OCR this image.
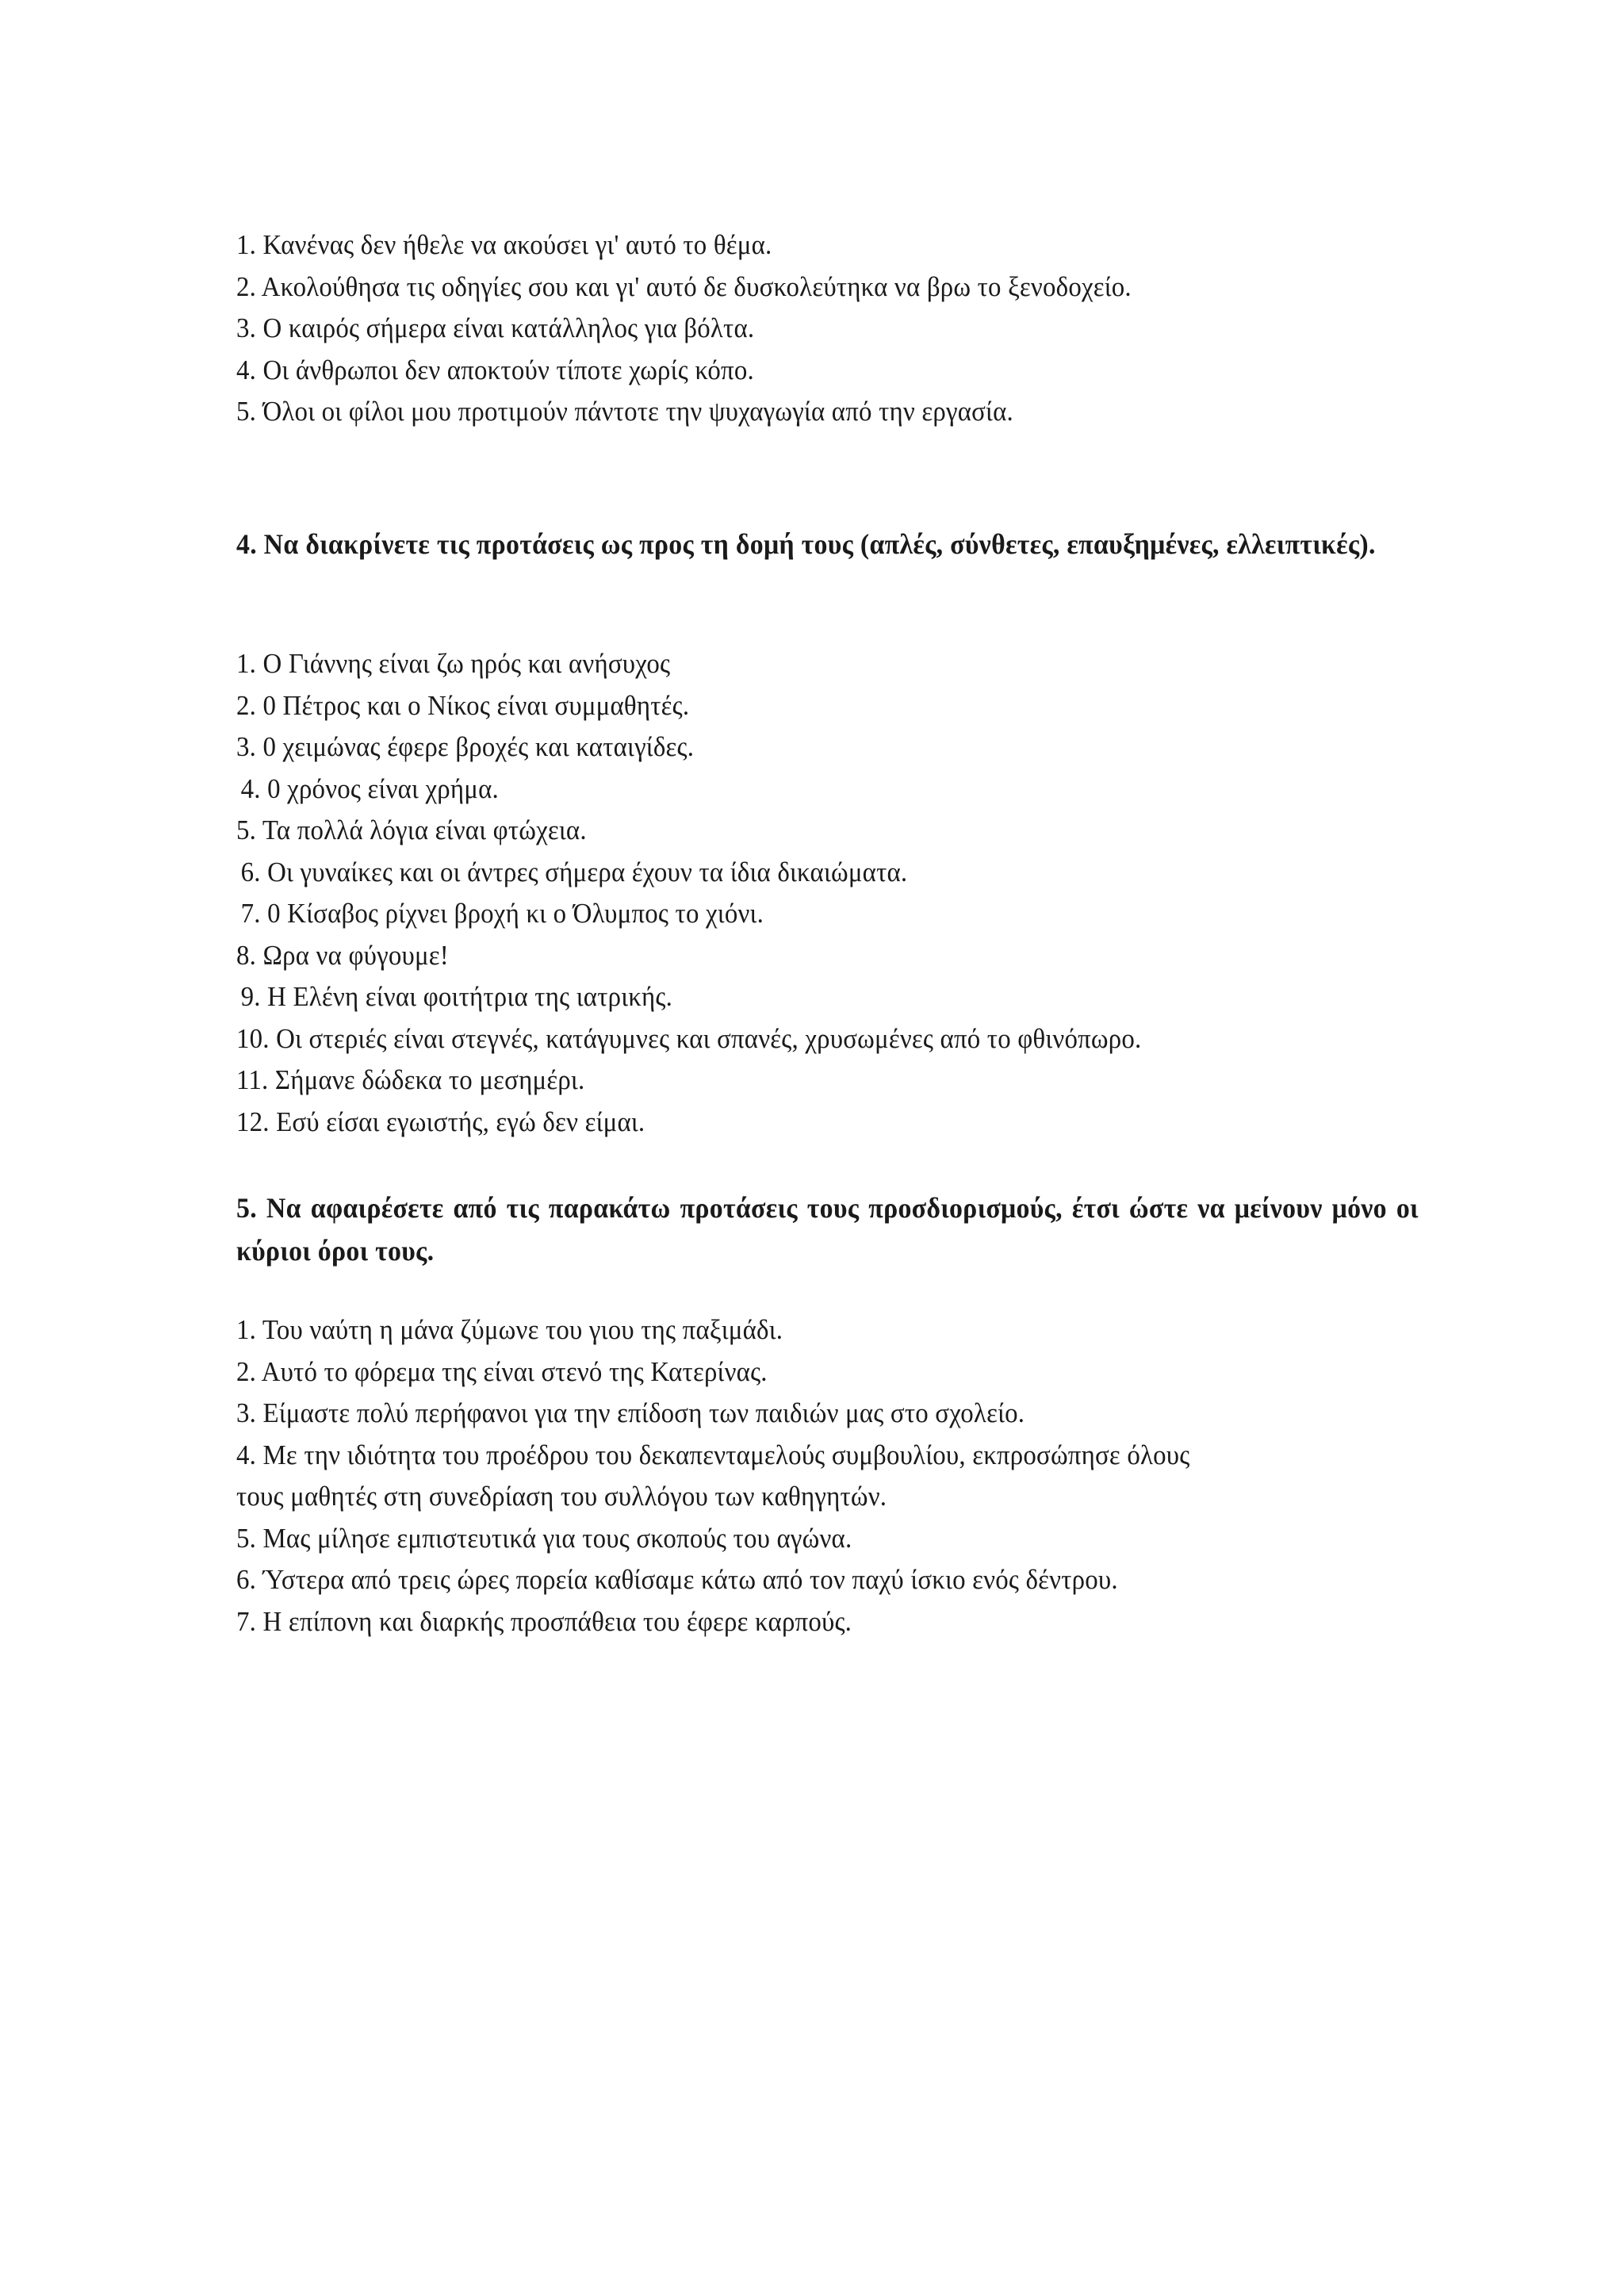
1. Κανένας δεν ήθελε να ακούσει γι' αυτό το θέμα.
2. Ακολούθησα τις οδηγίες σου και γι' αυτό δε δυσκολεύτηκα να βρω το ξενοδοχείο.
3. Ο καιρός σήμερα είναι κατάλληλος για βόλτα.
4. Οι άνθρωποι δεν αποκτούν τίποτε χωρίς κόπο.
5. Όλοι οι φίλοι μου προτιμούν πάντοτε την ψυχαγωγία από την εργασία.
4. Να διακρίνετε τις προτάσεις ως προς τη δομή τους (απλές, σύνθετες, επαυξημένες, ελλειπτικές).
1. Ο Γιάννης είναι ζω ηρός και ανήσυχος
2. 0 Πέτρος και ο Νίκος είναι συμμαθητές.
3. 0 χειμώνας έφερε βροχές και καταιγίδες.
4. 0 χρόνος είναι χρήμα.
5. Τα πολλά λόγια είναι φτώχεια.
6. Οι γυναίκες και οι άντρες σήμερα έχουν τα ίδια δικαιώματα.
7. 0 Κίσαβος ρίχνει βροχή κι ο Όλυμπος το χιόνι.
8. Ωρα να φύγουμε!
9. Η Ελένη είναι φοιτήτρια της ιατρικής.
10. Οι στεριές είναι στεγνές, κατάγυμνες και σπανές, χρυσωμένες από το φθινόπωρο.
11. Σήμανε δώδεκα το μεσημέρι.
12. Εσύ είσαι εγωιστής, εγώ δεν είμαι.
5. Να αφαιρέσετε από τις παρακάτω προτάσεις τους προσδιορισμούς, έτσι ώστε να μείνουν μόνο οι κύριοι όροι τους.
1. Του ναύτη η μάνα ζύμωνε του γιου της παξιμάδι.
2. Αυτό το φόρεμα της είναι στενό της Κατερίνας.
3. Είμαστε πολύ περήφανοι για την επίδοση των παιδιών μας στο σχολείο.
4. Με την ιδιότητα του προέδρου του δεκαπενταμελούς συμβουλίου, εκπροσώπησε όλους
τους μαθητές στη συνεδρίαση του συλλόγου των καθηγητών.
5. Μας μίλησε εμπιστευτικά για τους σκοπούς του αγώνα.
6. Ύστερα από τρεις ώρες πορεία καθίσαμε κάτω από τον παχύ ίσκιο ενός δέντρου.
7. Η επίπονη και διαρκής προσπάθεια του έφερε καρπούς.
